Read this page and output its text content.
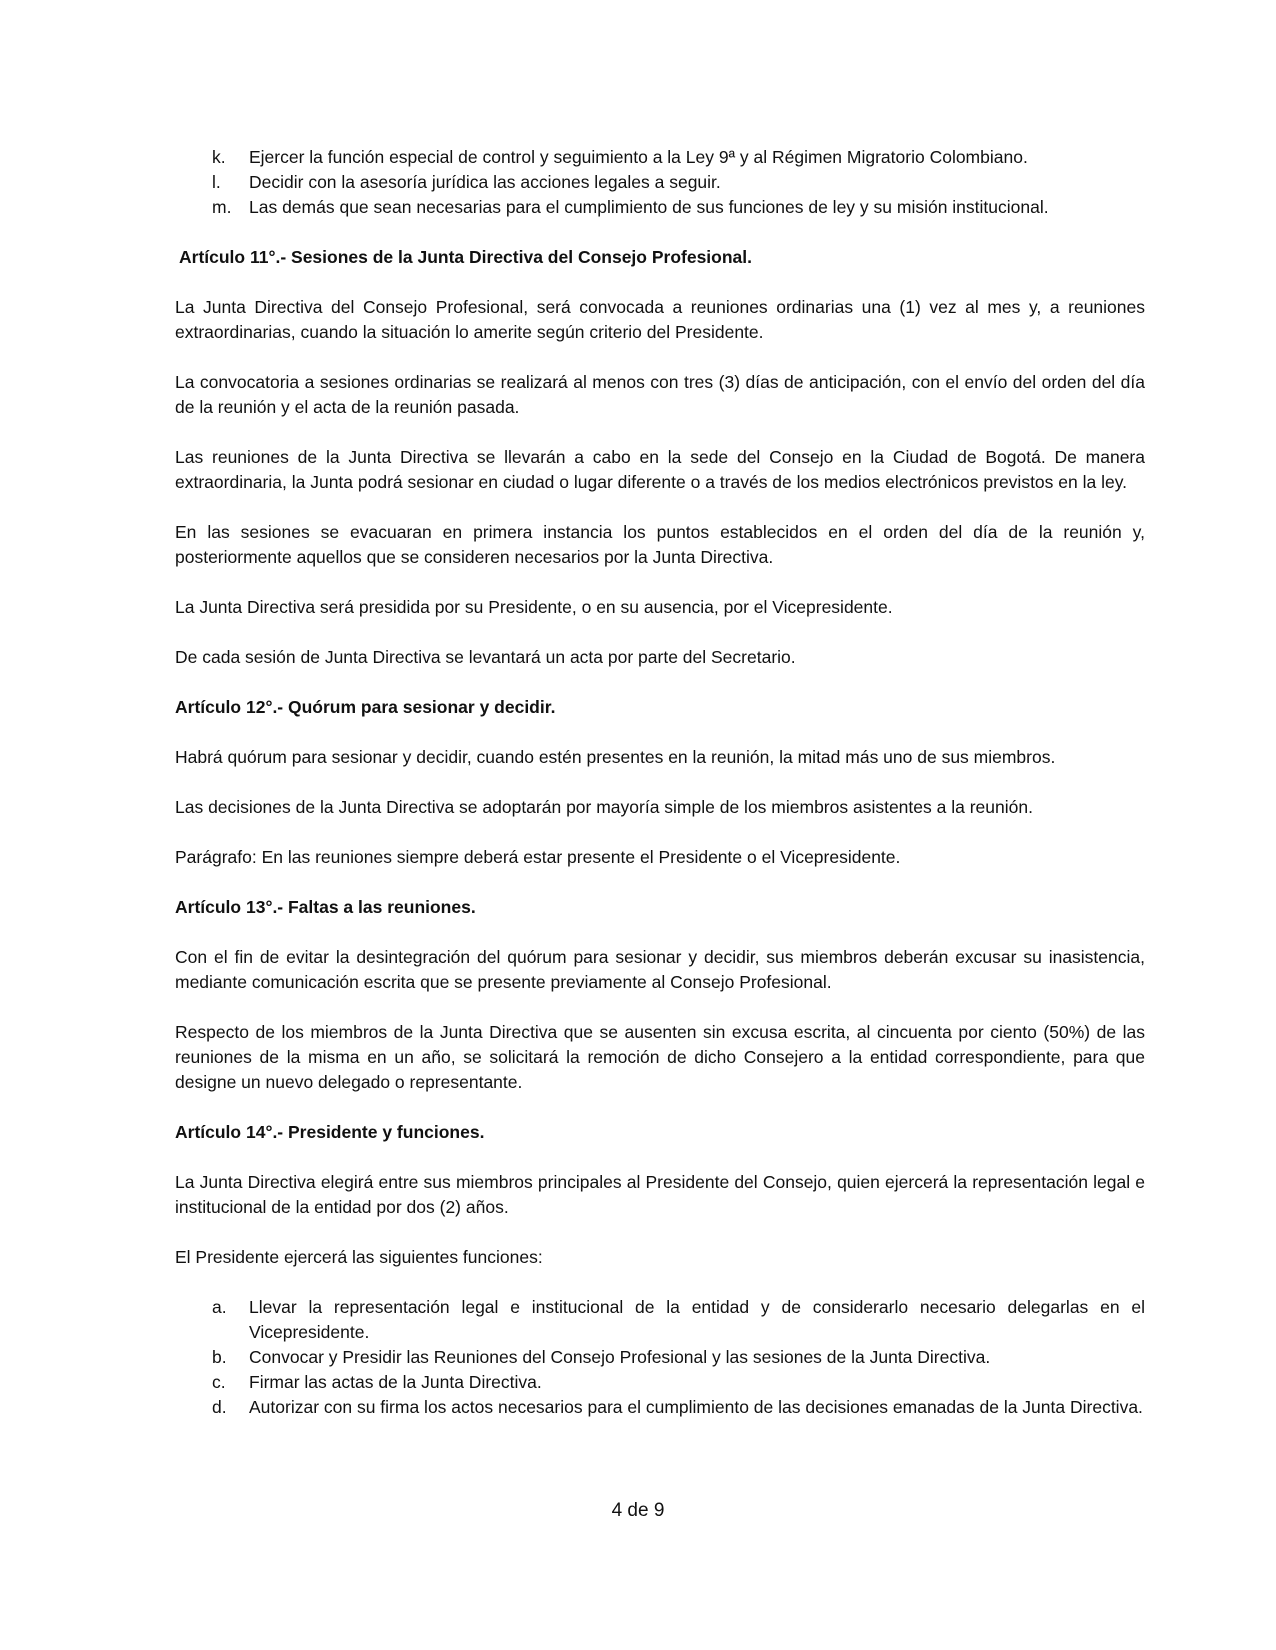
k.	Ejercer la función especial de control y seguimiento a la Ley 9ª y al Régimen Migratorio Colombiano.
l.	Decidir con la asesoría jurídica las acciones legales a seguir.
m.	Las demás que sean necesarias para el cumplimiento de sus funciones de ley y su misión institucional.

Artículo 11°.- Sesiones de la Junta Directiva del Consejo Profesional.

La Junta Directiva del Consejo Profesional, será convocada a reuniones ordinarias una (1) vez al mes y, a reuniones extraordinarias, cuando la situación lo amerite según criterio del Presidente.

La convocatoria a sesiones ordinarias se realizará al menos con tres (3) días de anticipación, con el envío del orden del día de la reunión y el acta de la reunión pasada.

Las reuniones de la Junta Directiva se llevarán a cabo en la sede del Consejo en la Ciudad de Bogotá. De manera extraordinaria, la Junta podrá sesionar en ciudad o lugar diferente o a través de los medios electrónicos previstos en la ley.

En las sesiones se evacuaran en primera instancia los puntos establecidos en el orden del día de la reunión y, posteriormente aquellos que se consideren necesarios por la Junta Directiva.

La Junta Directiva será presidida por su Presidente, o en su ausencia, por el Vicepresidente.

De cada sesión de Junta Directiva se levantará un acta por parte del Secretario.

Artículo 12°.- Quórum para sesionar y decidir.

Habrá quórum para sesionar y decidir, cuando estén presentes en la reunión, la mitad más uno de sus miembros.

Las decisiones de la Junta Directiva se adoptarán por mayoría simple de los miembros asistentes a la reunión.

Parágrafo: En las reuniones siempre deberá estar presente el Presidente o el Vicepresidente.

Artículo 13°.- Faltas a las reuniones.

Con el fin de evitar la desintegración del quórum para sesionar y decidir, sus miembros deberán excusar su inasistencia, mediante comunicación escrita que se presente previamente al Consejo Profesional.

Respecto de los miembros de la Junta Directiva que se ausenten sin excusa escrita, al cincuenta por ciento (50%) de las reuniones de la misma en un año, se solicitará la remoción de dicho Consejero a la entidad correspondiente, para que designe un nuevo delegado o representante.

Artículo 14°.- Presidente y funciones.

La Junta Directiva elegirá entre sus miembros principales al Presidente del Consejo, quien ejercerá la representación legal e institucional de la entidad por dos (2) años.

El Presidente ejercerá las siguientes funciones:

a.	Llevar la representación legal e institucional de la entidad y de considerarlo necesario delegarlas en el Vicepresidente.
b.	Convocar y Presidir las Reuniones del Consejo Profesional y las sesiones de la Junta Directiva.
c.	Firmar las actas de la Junta Directiva.
d.	Autorizar con su firma los actos necesarios para el cumplimiento de las decisiones emanadas de la Junta Directiva.
4 de 9
